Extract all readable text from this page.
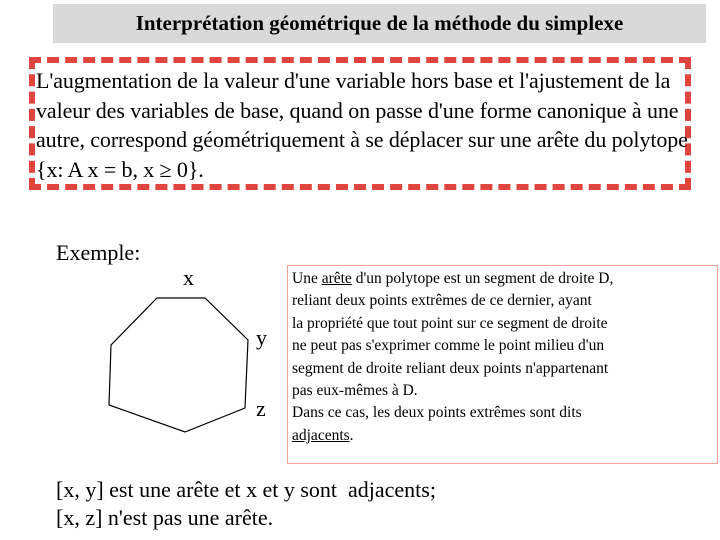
Interprétation géométrique de la méthode du simplexe
L'augmentation de la valeur d'une variable hors base et l'ajustement de la valeur des variables de base, quand on passe d'une forme canonique à une autre, correspond géométriquement à se déplacer sur une arête du polytope {x: A x = b, x ≥ 0}.
Exemple:
x
y
z
Une arête d'un polytope est un segment de droite D,
reliant deux points extrêmes de ce dernier, ayant
la propriété que tout point sur ce segment de droite
ne peut pas s'exprimer comme le point milieu d'un
segment de droite reliant deux points n'appartenant
pas eux-mêmes à D.
Dans ce cas, les deux points extrêmes sont dits
adjacents.
[x, y] est une arête et x et y sont  adjacents;
[x, z] n'est pas une arête.
